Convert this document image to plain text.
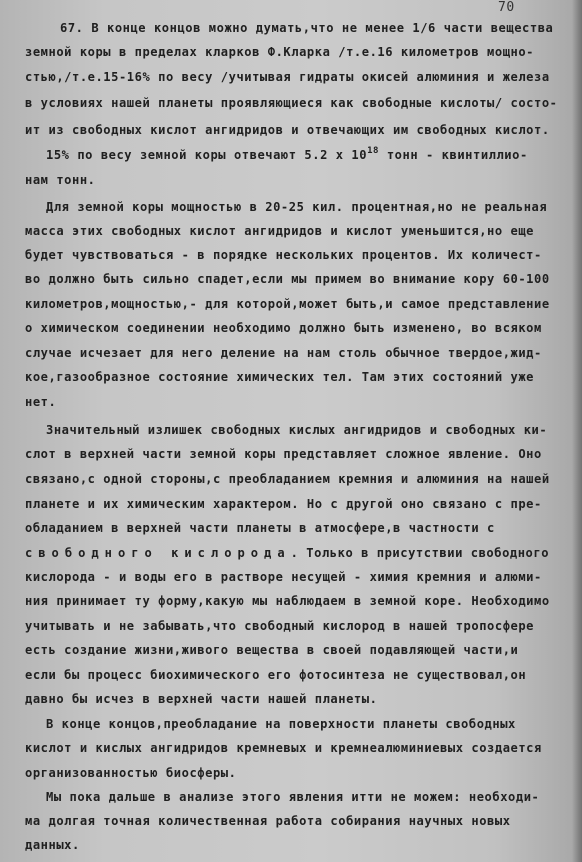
70
67. В конце концов можно думать,что не менее 1/6 части вещества
земной коры в пределах кларков Ф.Кларка /т.е.16 километров мощно-
стью,/т.е.15-16% по весу /учитывая гидраты окисей алюминия и железа
в условиях нашей планеты проявляющиеся как свободные кислоты/ состо-
ит из свободных кислот ангидридов и отвечающих им свободных кислот.
15% по весу земной коры отвечают 5.2 х $10^{18}$ тонн - квинтиллио-
нам тонн.
Для земной коры мощностью в 20-25 кил. процентная,но не реальная
масса этих свободных кислот ангидридов и кислот уменьшится,но еще
будет чувствоваться - в порядке нескольких процентов. Их количест-
во должно быть сильно спадет,если мы примем во внимание кору 60-100
километров,мощностью,- для которой,может быть,и самое представление
о химическом соединении необходимо должно быть изменено, во всяком
случае исчезает для него деление на нам столь обычное твердое,жид-
кое,газообразное состояние химических тел. Там этих состояний уже
нет.
Значительный излишек свободных кислых ангидридов и свободных ки-
слот в верхней части земной коры представляет сложное явление. Оно
связано,с одной стороны,с преобладанием кремния и алюминия на нашей
планете и их химическим характером. Но с другой оно связано с пре-
обладанием в верхней части планеты в атмосфере,в частности с
свободного кислорода. Только в присутствии свободного
кислорода - и воды его в растворе несущей - химия кремния и алюми-
ния принимает ту форму,какую мы наблюдаем в земной коре. Необходимо
учитывать и не забывать,что свободный кислород в нашей тропосфере
есть создание жизни,живого вещества в своей подавляющей части,и
если бы процесс биохимического его фотосинтеза не существовал,он
давно бы исчез в верхней части нашей планеты.
В конце концов,преобладание на поверхности планеты свободных
кислот и кислых ангидридов кремневых и кремнеалюминиевых создается
организованностью биосферы.
Мы пока дальше в анализе этого явления итти не можем: необходи-
ма долгая точная количественная работа собирания научных новых
данных.
